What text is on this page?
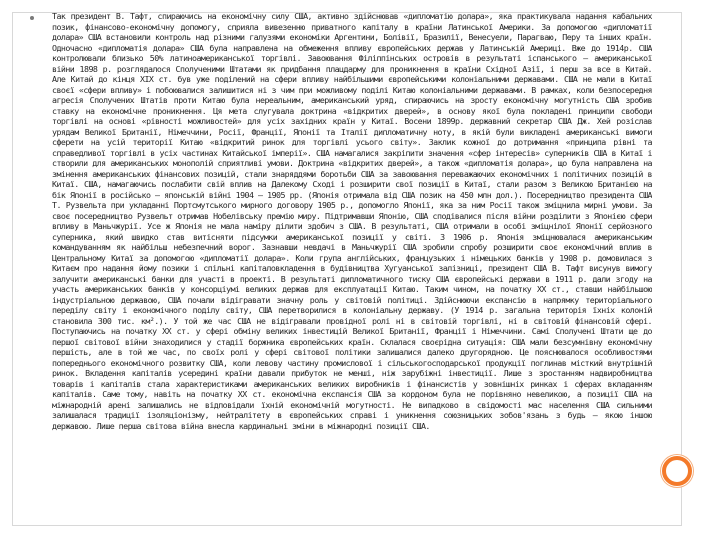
Так президент В. Тафт, спираючись на економічну силу США, активно здійснював «дипломатію долара», яка практикувала надання кабальних позик, фінансово-економічну допомогу, сприяла вивезенню приватного капіталу в країни Латинської Америки. За допомогою «дипломатії долара» США встановили контроль над різними галузями економіки Аргентини, Болівії, Бразилії, Венесуели, Парагваю, Перу та інших країн. Одночасно «дипломатія долара» США була направлена на обмеження впливу європейських держав у Латинській Америці. Вже до 1914р. США контролювали близько 50% латиноамериканської торгівлі. Завоювання Філіппінських островів в результаті іспанського – американської війни 1898 р. розглядалося Сполученими Штатами як придбання плацдарму для проникнення в країни Східної Азії, і перш за все в Китай. Але Китай до кінця ХІХ ст. був уже поділений на сфери впливу найбільшими європейськими колоніальними державами. США не мали в Китаї своєї «сфери впливу» і побоювалися залишитися ні з чим при можливому поділі Китаю колоніальними державами. В рамках, коли безпосередня агресія Сполучених Штатів проти Китаю була нереальним, американський уряд, спираючись на зросту економічну могутність США зробив ставку на економічне проникнення. Ця мета слугувала доктрина «відкритих дверей», в основу якої була покладені принципи свободи торгівлі на основі «рівності можливостей» для усіх західних країн у Китаї. Восени 1899р. державний секретар США Дж. Хей розіслав урядам Великої Британії, Німеччини, Росії, Франції, Японії та Італії дипломатичну ноту, в якій були викладені американські вимоги сферети на усій території Китаю «відкритий ринок для торгівлі усього світу». Заклик кожної до дотримання «принципа рівні та справедливої торгівлі в усіх частинах Китайської імперії». США намагалися закріпити значення «сфер інтересів» суперників США в Китаї і створили для американських монополій сприятливі умови. Доктрина «відкритих дверей», а також «дипломатія долара», що була направлена на змінення американських фінансових позицій, стали знаряддями боротьби США за завоювання переважаючих економічних і політичних позицій в Китаї. США, намагаючись послабити свій вплив на Далекому Сході і розширити свої позиції в Китаї, стали разом з Великою Британією на бік Японії в російсько – японській війні 1904 – 1905 рр. (Японія отримала від США позик на 450 млн дол.). Посередництво президента США Т. Рузвельта при укладанні Портсмутського мирного договору 1905 р., допомогло Японії, яка за ним Росії також зміцнила мирні умови. За своє посередництво Рузвельт отримав Нобелівську премію миру. Підтримавши Японію, США сподівалися після війни розділити з Японією сфери впливу в Маньчжурії. Усе ж Японія не мала наміру ділити здобич з США. В результаті, США отримали в особі зміцнілої Японії серйозного суперника, який швидко став витісняти підсумки американської позиції у світі. З 1906 р. Японія зміцнювалася американським командуванням як найбільш небезпечний ворог. Зазнавши невдачі в Маньчжурії США зробили спробу розширити своє економічний вплив в Центральному Китаї за допомогою «дипломатії долара». Коли група англійських, французьких і німецьких банків у 1908 р. домовилася з Китаєм про надання йому позики і спільні капіталовкладення в будівництва Хугуанської залізниці, президент США В. Тафт висунув вимогу залучити американські банки для участі в проекті. В результаті дипломатичного тиску США європейські держави в 1911 р. дали згоду на участь американських банків у консорціумі великих держав для експлуатації Китаю. Таким чином, на початку ХХ ст., ставши найбільшою індустріальною державою, США почали відігравати значну роль у світовій політиці. Здійснюючи експансію в напрямку територіального переділу світу і економічного поділу світу, США перетворилися в колоніальну державу. (У 1914 р. загальна територія їхніх колоній становила 300 тис. км².). У той же час США не відігравали провідної ролі ні в світовій торгівлі, ні в світовій фінансовій сфері. Поступаючись на початку ХХ ст. у сфері обміну великих інвестицій Великої Британії, Франції і Німеччини. Самі Сполучені Штати ще до першої світової війни знаходилися у стадії боржника європейських країн. Склалася своєрідна ситуація: США мали безсумнівну економічну першість, але в той же час, по своїх ролі у сфері світової політики залишалися далеко другорядною. Це пояснювалося особливостями попереднього економічного розвитку США, коли левову частину промислової і сільськогосподарської продукції поглинав місткий внутрішній ринок. Вкладення капіталів усередині країни давали прибуток не менші, ніж зарубіжні інвестиції. Лише з зростанням надвиробництва товарів і капіталів стала характеристиками американських великих виробників і фінансистів у зовнішніх ринках і сферах вкладанням капіталів. Саме тому, навіть на початку ХХ ст. економічна експансія США за кордоном була не порівняно невеликою, а позиції США на міжнародній арені залишались не відповідали їхній економічній могутності. Не випадково в свідомості мас населення США сильними залишалася традиції ізоляціонізму, нейтралітету в європейських справі і уникнення союзницьких зобов'язань з будь – якою іншою державою. Лише перша світова війна внесла кардинальні зміни в міжнародні позиції США.
